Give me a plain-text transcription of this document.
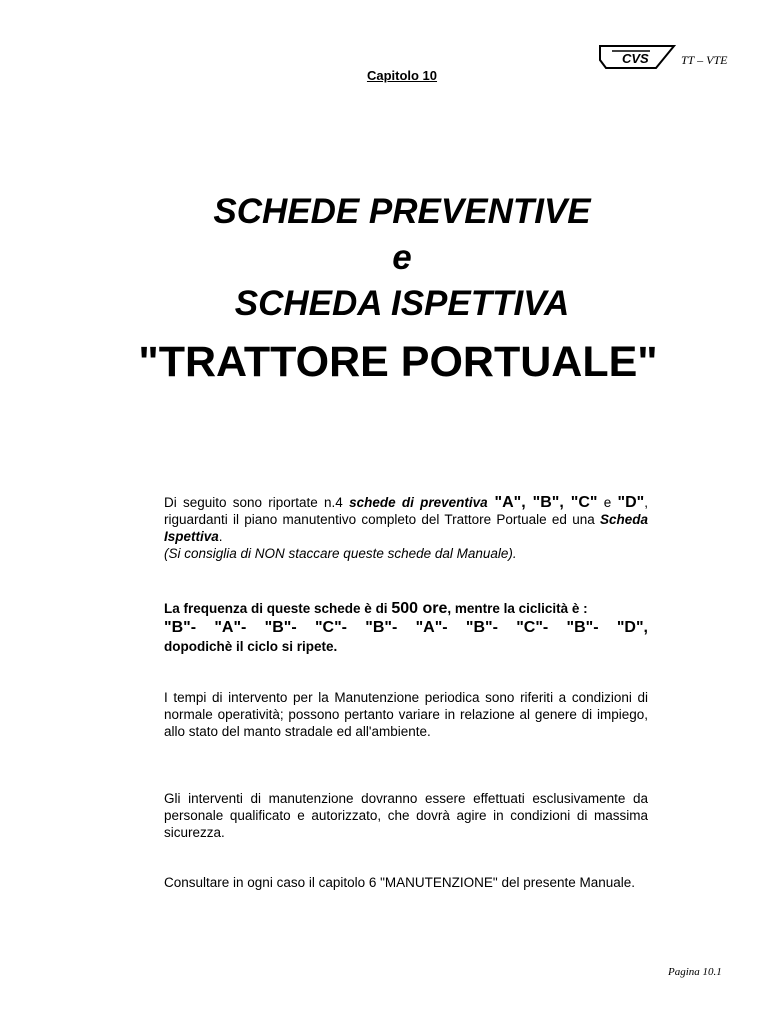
CVS	TT – VTE
Capitolo 10
SCHEDE PREVENTIVE
e
SCHEDA ISPETTIVA
"TRATTORE PORTUALE"
Di seguito sono riportate n.4 schede di preventiva "A", "B", "C" e "D", riguardanti il piano manutentivo completo del Trattore Portuale ed una Scheda Ispettiva.
(Si consiglia di NON staccare queste schede dal Manuale).
La frequenza di queste schede è di 500 ore, mentre la ciclicità è :
"B"- "A"- "B"- "C"- "B"- "A"- "B"- "C"- "B"- "D",
dopodichè il ciclo si ripete.
I tempi di intervento per la Manutenzione periodica sono riferiti a condizioni di normale operatività; possono pertanto variare in relazione al genere di impiego, allo stato del manto stradale ed all'ambiente.
Gli interventi di manutenzione dovranno essere effettuati esclusivamente da personale qualificato e autorizzato, che dovrà agire in condizioni di massima sicurezza.
Consultare in ogni caso il capitolo 6 "MANUTENZIONE" del presente Manuale.
Pagina 10.1
